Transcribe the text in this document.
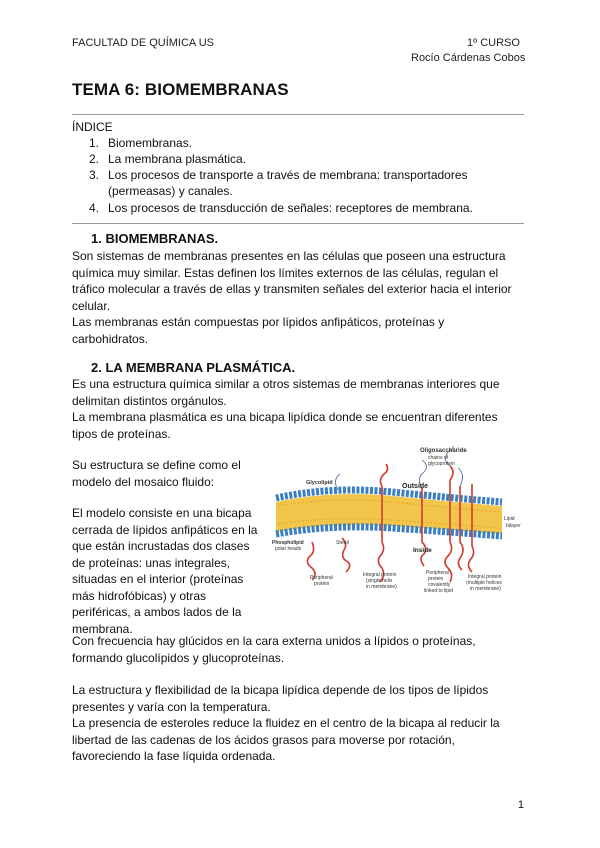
FACULTAD DE QUÍMICA US	1º CURSO
Rocío Cárdenas Cobos
TEMA 6: BIOMEMBRANAS
ÍNDICE
1. Biomembranas.
2. La membrana plasmática.
3. Los procesos de transporte a través de membrana: transportadores
(permeasas) y canales.
4. Los procesos de transducción de señales: receptores de membrana.
1. BIOMEMBRANAS.
Son sistemas de membranas presentes en las células que poseen una estructura
química muy similar. Estas definen los límites externos de las células, regulan el
tráfico molecular a través de ellas y transmiten señales del exterior hacia el interior
celular.
Las membranas están compuestas por lípidos anfipáticos, proteínas y
carbohidratos.
2. LA MEMBRANA PLASMÁTICA.
Es una estructura química similar a otros sistemas de membranas interiores que
delimitan distintos orgánulos.
La membrana plasmática es una bicapa lipídica donde se encuentran diferentes
tipos de proteínas.
Su estructura se define como el
modelo del mosaico fluido:
El modelo consiste en una bicapa
cerrada de lípidos anfipáticos en la
que están incrustadas dos clases
de proteínas: unas integrales,
situadas en el interior (proteínas
más hidrofóbicas) y otras
periféricas, a ambos lados de la
membrana.
Oligosaccharide
chains of
glycoprotein
Glycolipid	Outside
Lipid
bilayer
Inside
Phospholipid
polar heads
Sterol
Peripheral
protein
Integral protein
(single helix
in membrane)
Peripheral
protein
covalently
linked to lipid
Integral protein
(multiple helices
in membrane)
Con frecuencia hay glúcidos en la cara externa unidos a lípidos o proteínas,
formando glucolípidos y glucoproteínas.
La estructura y flexibilidad de la bicapa lipídica depende de los tipos de lípidos
presentes y varía con la temperatura.
La presencia de esteroles reduce la fluidez en el centro de la bicapa al reducir la
libertad de las cadenas de los ácidos grasos para moverse por rotación,
favoreciendo la fase líquida ordenada.
1
